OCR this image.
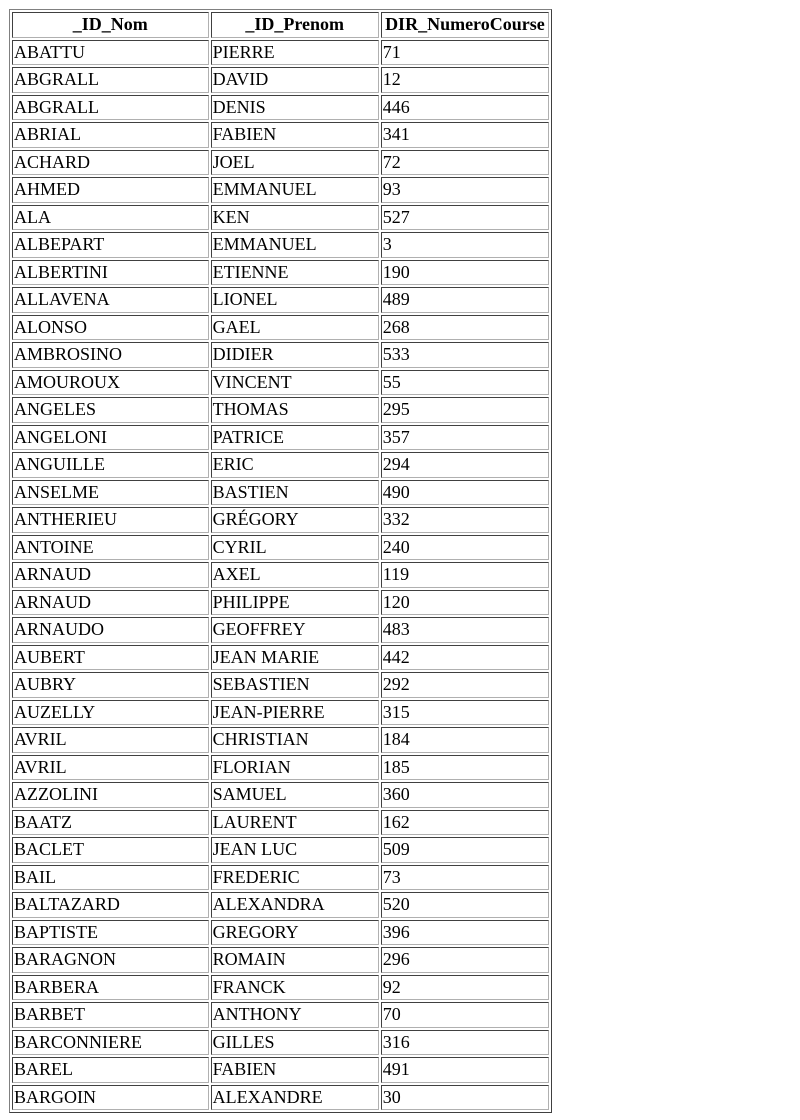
_ID_Nom	_ID_Prenom	DIR_NumeroCourse
ABATTU	PIERRE	71
ABGRALL	DAVID	12
ABGRALL	DENIS	446
ABRIAL	FABIEN	341
ACHARD	JOEL	72
AHMED	EMMANUEL	93
ALA	KEN	527
ALBEPART	EMMANUEL	3
ALBERTINI	ETIENNE	190
ALLAVENA	LIONEL	489
ALONSO	GAEL	268
AMBROSINO	DIDIER	533
AMOUROUX	VINCENT	55
ANGELES	THOMAS	295
ANGELONI	PATRICE	357
ANGUILLE	ERIC	294
ANSELME	BASTIEN	490
ANTHERIEU	GRÉGORY	332
ANTOINE	CYRIL	240
ARNAUD	AXEL	119
ARNAUD	PHILIPPE	120
ARNAUDO	GEOFFREY	483
AUBERT	JEAN MARIE	442
AUBRY	SEBASTIEN	292
AUZELLY	JEAN-PIERRE	315
AVRIL	CHRISTIAN	184
AVRIL	FLORIAN	185
AZZOLINI	SAMUEL	360
BAATZ	LAURENT	162
BACLET	JEAN LUC	509
BAIL	FREDERIC	73
BALTAZARD	ALEXANDRA	520
BAPTISTE	GREGORY	396
BARAGNON	ROMAIN	296
BARBERA	FRANCK	92
BARBET	ANTHONY	70
BARCONNIERE	GILLES	316
BAREL	FABIEN	491
BARGOIN	ALEXANDRE	30
